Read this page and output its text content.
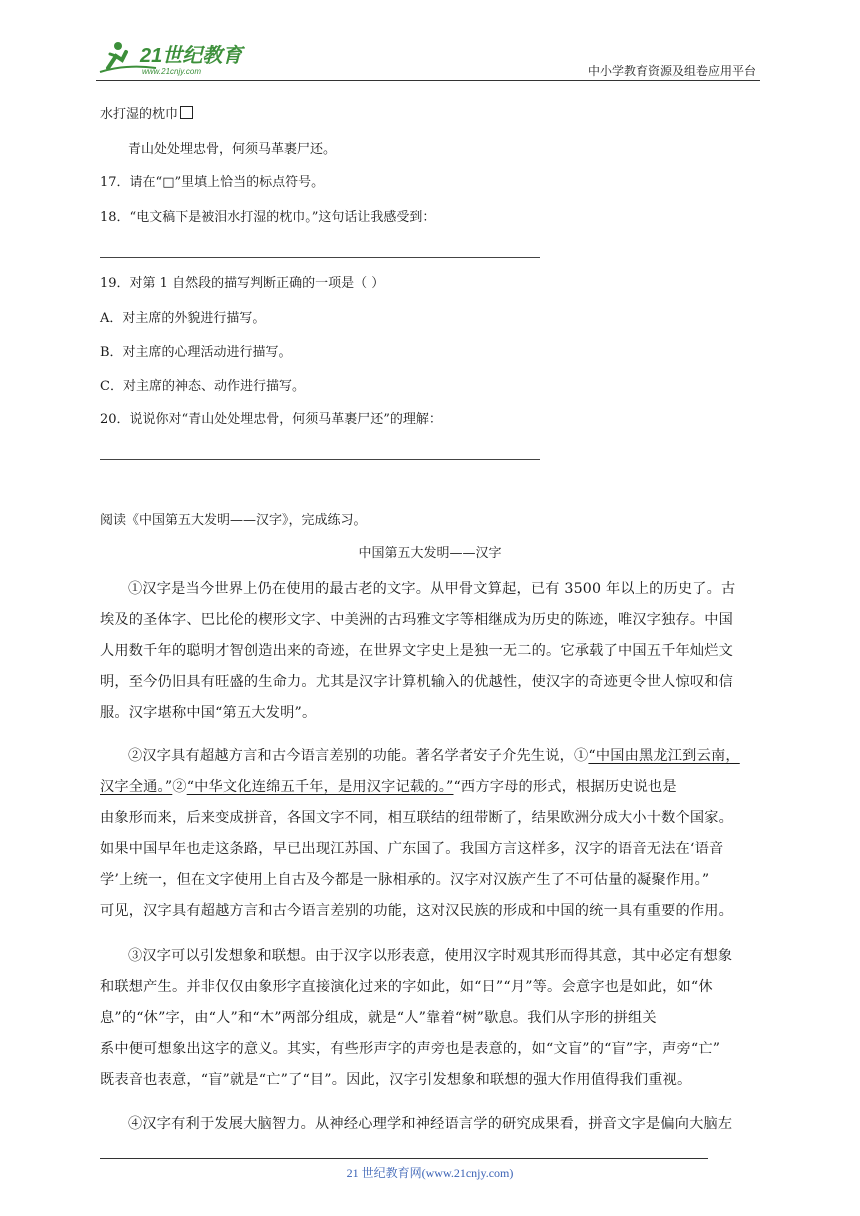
21世纪教育
www.21cnjy.com	中小学教育资源及组卷应用平台
水打湿的枕巾
青山处处埋忠骨，何须马革裹尸还。
17．请在“□”里填上恰当的标点符号。
18．“电文稿下是被泪水打湿的枕巾。”这句话让我感受到：
19．对第 1 自然段的描写判断正确的一项是（ ）
A．对主席的外貌进行描写。
B．对主席的心理活动进行描写。
C．对主席的神态、动作进行描写。
20．说说你对“青山处处埋忠骨，何须马革裹尸还”的理解：
阅读《中国第五大发明——汉字》，完成练习。
中国第五大发明——汉字
①汉字是当今世界上仍在使用的最古老的文字。从甲骨文算起，已有 3500 年以上的历史了。古
埃及的圣体字、巴比伦的楔形文字、中美洲的古玛雅文字等相继成为历史的陈迹，唯汉字独存。中国
人用数千年的聪明才智创造出来的奇迹，在世界文字史上是独一无二的。它承载了中国五千年灿烂文
明，至今仍旧具有旺盛的生命力。尤其是汉字计算机输入的优越性，使汉字的奇迹更令世人惊叹和信
服。汉字堪称中国“第五大发明”。
②汉字具有超越方言和古今语言差别的功能。著名学者安子介先生说，①“中国由黑龙江到云南，
汉字全通。”②“中华文化连绵五千年，是用汉字记载的。”“西方字母的形式，根据历史说也是
由象形而来，后来变成拼音，各国文字不同，相互联结的纽带断了，结果欧洲分成大小十数个国家。
如果中国早年也走这条路，早已出现江苏国、广东国了。我国方言这样多，汉字的语音无法在‘语音
学’上统一，但在文字使用上自古及今都是一脉相承的。汉字对汉族产生了不可估量的凝聚作用。”
可见，汉字具有超越方言和古今语言差别的功能，这对汉民族的形成和中国的统一具有重要的作用。
③汉字可以引发想象和联想。由于汉字以形表意，使用汉字时观其形而得其意，其中必定有想象
和联想产生。并非仅仅由象形字直接演化过来的字如此，如“日”“月”等。会意字也是如此，如“休
息”的“休”字，由“人”和“木”两部分组成，就是“人”靠着“树”歇息。我们从字形的拼组关
系中便可想象出这字的意义。其实，有些形声字的声旁也是表意的，如“文盲”的“盲”字，声旁“亡”
既表音也表意，“盲”就是“亡”了“目”。因此，汉字引发想象和联想的强大作用值得我们重视。
④汉字有利于发展大脑智力。从神经心理学和神经语言学的研究成果看，拼音文字是偏向大脑左
21 世纪教育网(www.21cnjy.com)
